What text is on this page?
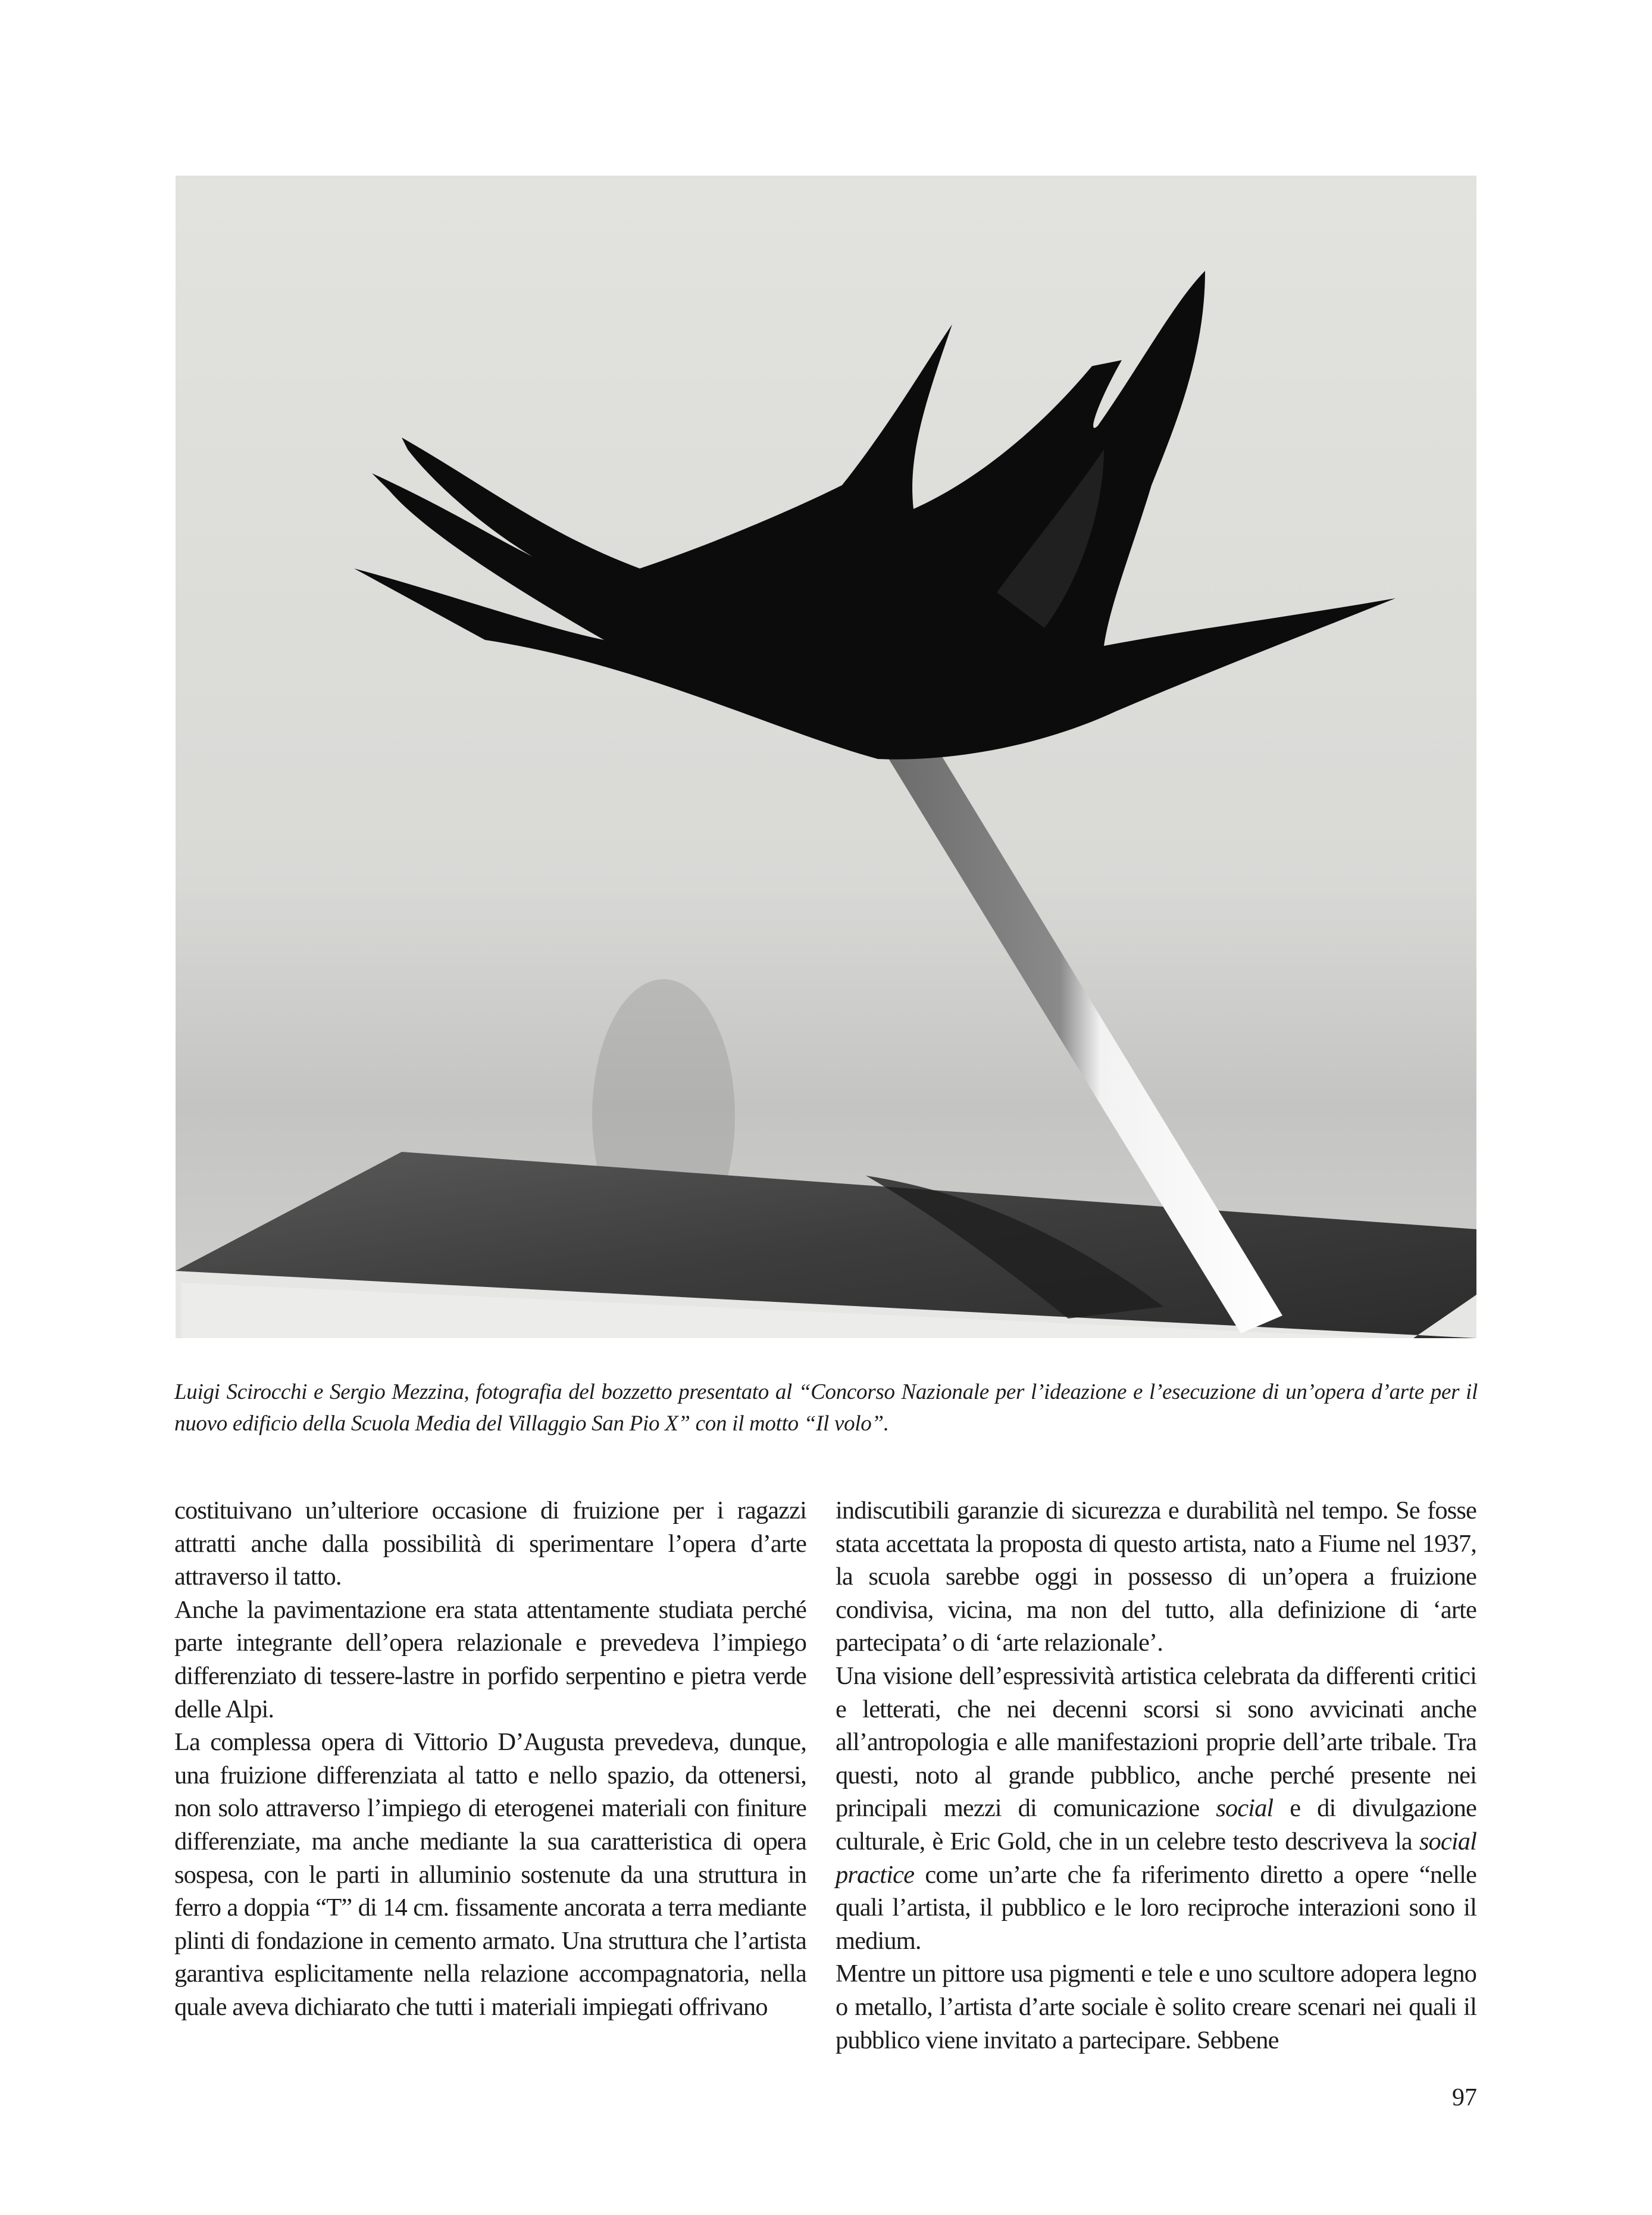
Luigi Scirocchi e Sergio Mezzina, fotografia del bozzetto presentato al “Concorso Nazionale per l’ideazione e l’esecuzione di un’opera d’arte per il nuovo edificio della Scuola Media del Villaggio San Pio X” con il motto “Il volo”.

costituivano un’ulteriore occasione di fruizione per i ragazzi attratti anche dalla possibilità di sperimentare l’opera d’arte attraverso il tatto.

Anche la pavimentazione era stata attentamente studiata perché parte integrante dell’opera relazionale e prevedeva l’impiego differenziato di tessere-lastre in porfido serpentino e pietra verde delle Alpi.

La complessa opera di Vittorio D’Augusta prevedeva, dunque, una fruizione differenziata al tatto e nello spazio, da ottenersi, non solo attraverso l’impiego di eterogenei materiali con finiture differenziate, ma anche mediante la sua caratteristica di opera sospesa, con le parti in alluminio sostenute da una struttura in ferro a doppia “T” di 14 cm. fissamente ancorata a terra mediante plinti di fondazione in cemento armato. Una struttura che l’artista garantiva esplicitamente nella relazione accompagnatoria, nella quale aveva dichiarato che tutti i materiali impiegati offrivano

indiscutibili garanzie di sicurezza e durabilità nel tempo. Se fosse stata accettata la proposta di questo artista, nato a Fiume nel 1937, la scuola sarebbe oggi in possesso di un’opera a fruizione condivisa, vicina, ma non del tutto, alla definizione di ‘arte partecipata’ o di ‘arte relazionale’.

Una visione dell’espressività artistica celebrata da differenti critici e letterati, che nei decenni scorsi si sono avvicinati anche all’antropologia e alle manifestazioni proprie dell’arte tribale. Tra questi, noto al grande pubblico, anche perché presente nei principali mezzi di comunicazione social e di divulgazione culturale, è Eric Gold, che in un celebre testo descriveva la social practice come un’arte che fa riferimento diretto a opere “nelle quali l’artista, il pubblico e le loro reciproche interazioni sono il medium.

Mentre un pittore usa pigmenti e tele e uno scultore adopera legno o metallo, l’artista d’arte sociale è solito creare scenari nei quali il pubblico viene invitato a partecipare. Sebbene

97
